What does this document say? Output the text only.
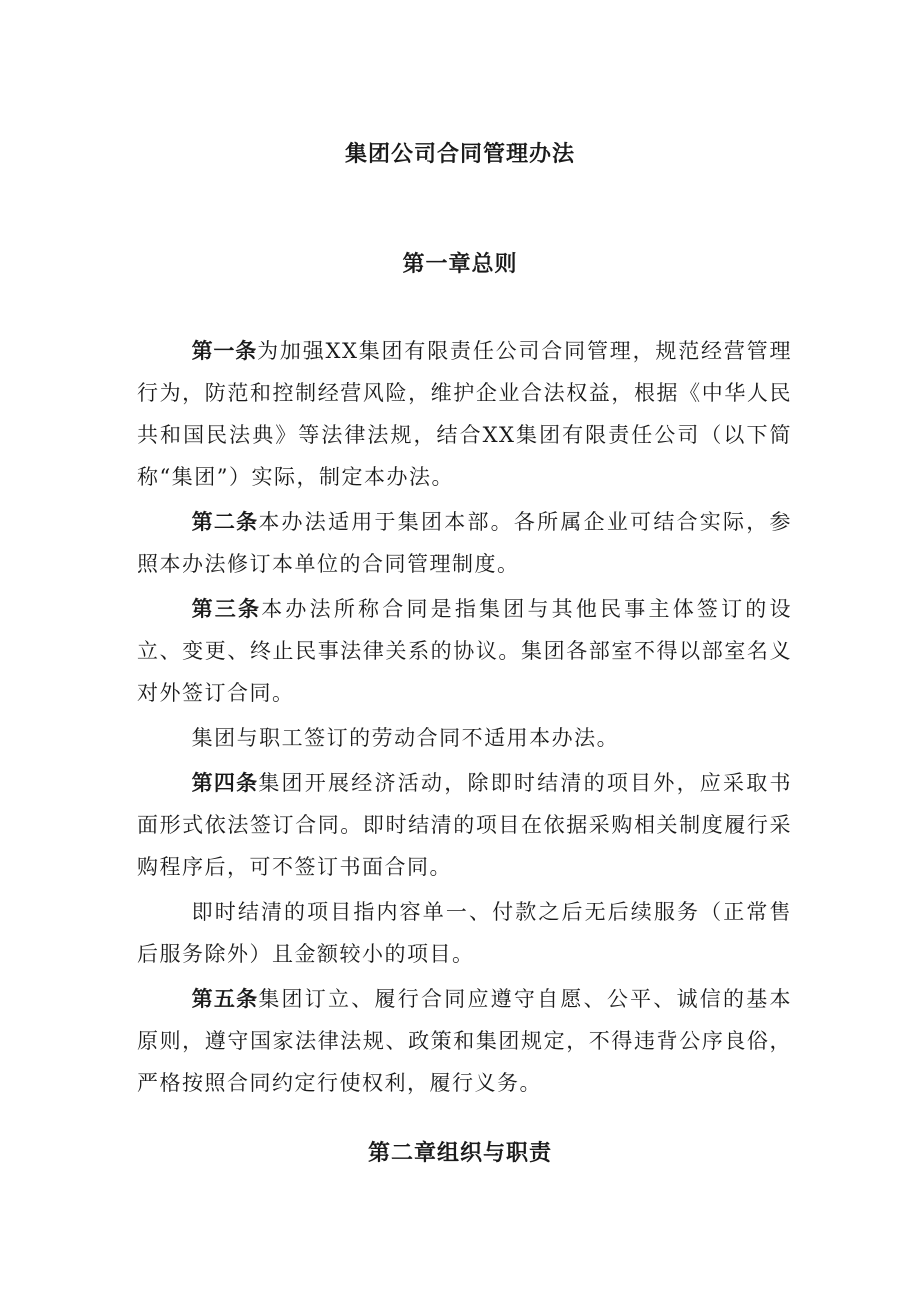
集团公司合同管理办法
第一章总则

第一条为加强XX集团有限责任公司合同管理，规范经营管理行为，防范和控制经营风险，维护企业合法权益，根据《中华人民共和国民法典》等法律法规，结合XX集团有限责任公司（以下简称“集团”）实际，制定本办法。

第二条本办法适用于集团本部。各所属企业可结合实际，参照本办法修订本单位的合同管理制度。

第三条本办法所称合同是指集团与其他民事主体签订的设立、变更、终止民事法律关系的协议。集团各部室不得以部室名义对外签订合同。

集团与职工签订的劳动合同不适用本办法。

第四条集团开展经济活动，除即时结清的项目外，应采取书面形式依法签订合同。即时结清的项目在依据采购相关制度履行采购程序后，可不签订书面合同。

即时结清的项目指内容单一、付款之后无后续服务（正常售后服务除外）且金额较小的项目。

第五条集团订立、履行合同应遵守自愿、公平、诚信的基本原则，遵守国家法律法规、政策和集团规定，不得违背公序良俗，严格按照合同约定行使权利，履行义务。

第二章组织与职责
